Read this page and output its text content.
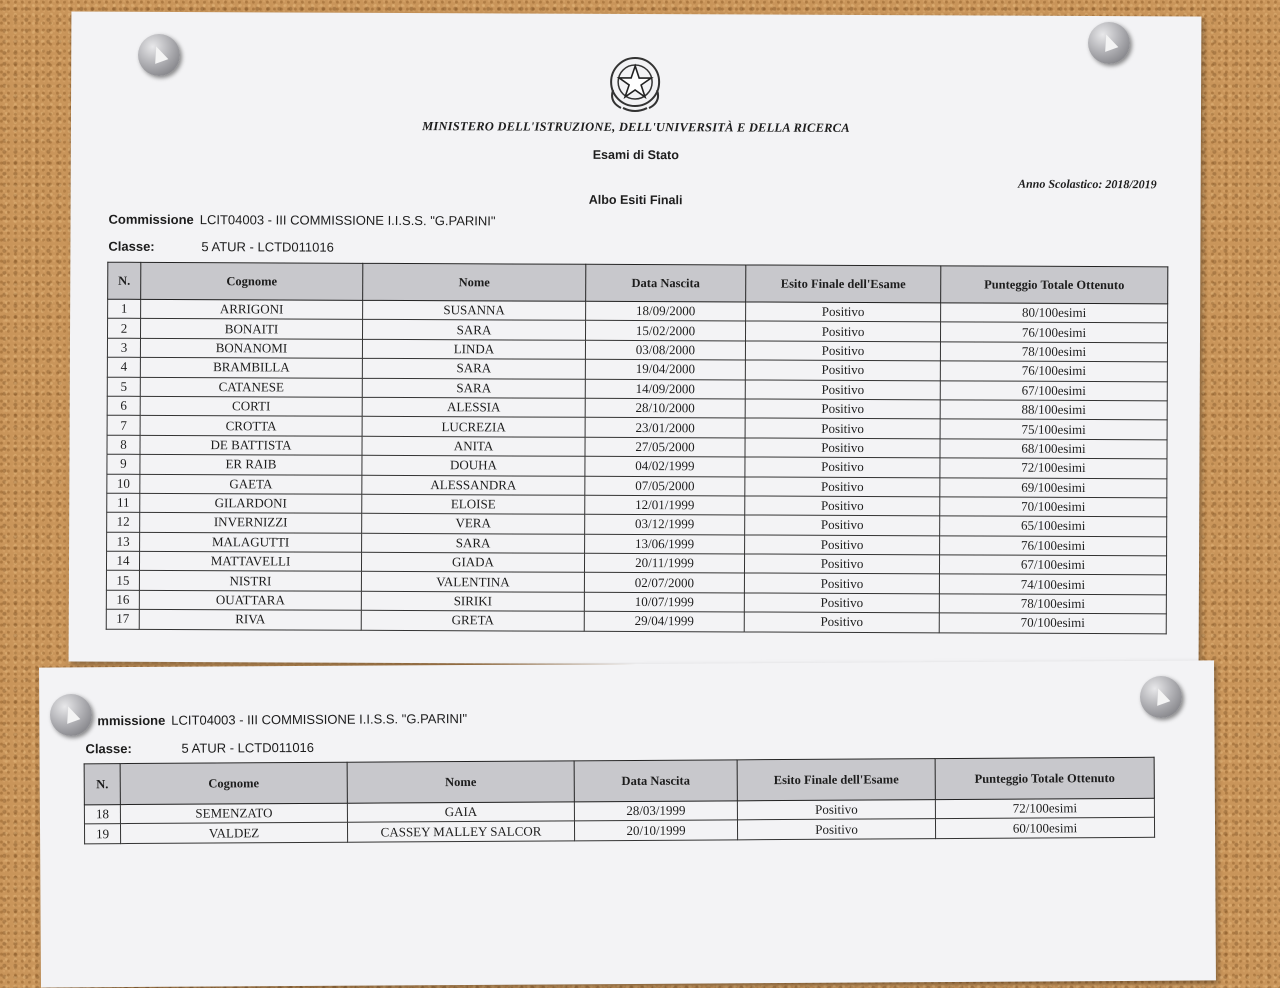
MINISTERO DELL'ISTRUZIONE, DELL'UNIVERSITÀ E DELLA RICERCA
Esami di Stato
Anno Scolastico: 2018/2019
Albo Esiti Finali
Commissione LCIT04003 - III COMMISSIONE I.I.S.S. "G.PARINI"
Classe:	5 ATUR - LCTD011016
N.	Cognome	Nome	Data Nascita	Esito Finale dell'Esame	Punteggio Totale Ottenuto
1	ARRIGONI	SUSANNA	18/09/2000	Positivo	80/100esimi
2	BONAITI	SARA	15/02/2000	Positivo	76/100esimi
3	BONANOMI	LINDA	03/08/2000	Positivo	78/100esimi
4	BRAMBILLA	SARA	19/04/2000	Positivo	76/100esimi
5	CATANESE	SARA	14/09/2000	Positivo	67/100esimi
6	CORTI	ALESSIA	28/10/2000	Positivo	88/100esimi
7	CROTTA	LUCREZIA	23/01/2000	Positivo	75/100esimi
8	DE BATTISTA	ANITA	27/05/2000	Positivo	68/100esimi
9	ER RAIB	DOUHA	04/02/1999	Positivo	72/100esimi
10	GAETA	ALESSANDRA	07/05/2000	Positivo	69/100esimi
11	GILARDONI	ELOISE	12/01/1999	Positivo	70/100esimi
12	INVERNIZZI	VERA	03/12/1999	Positivo	65/100esimi
13	MALAGUTTI	SARA	13/06/1999	Positivo	76/100esimi
14	MATTAVELLI	GIADA	20/11/1999	Positivo	67/100esimi
15	NISTRI	VALENTINA	02/07/2000	Positivo	74/100esimi
16	OUATTARA	SIRIKI	10/07/1999	Positivo	78/100esimi
17	RIVA	GRETA	29/04/1999	Positivo	70/100esimi
mmissione LCIT04003 - III COMMISSIONE I.I.S.S. "G.PARINI"
Classe:	5 ATUR - LCTD011016
N.	Cognome	Nome	Data Nascita	Esito Finale dell'Esame	Punteggio Totale Ottenuto
18	SEMENZATO	GAIA	28/03/1999	Positivo	72/100esimi
19	VALDEZ	CASSEY MALLEY SALCOR	20/10/1999	Positivo	60/100esimi
